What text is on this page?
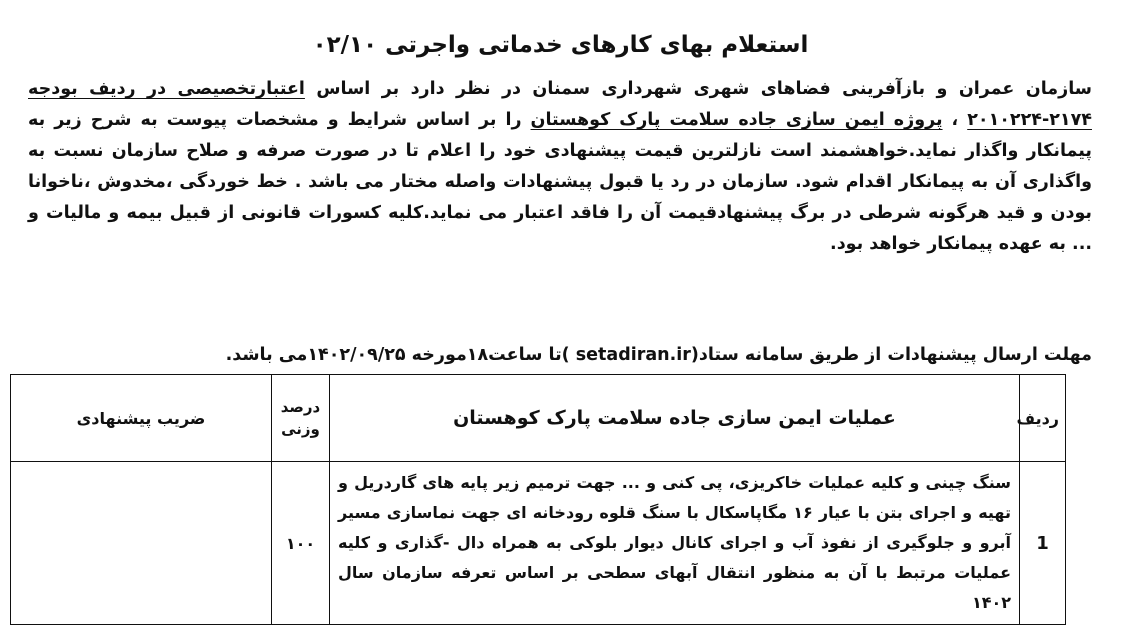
استعلام بهای کارهای خدماتی واجرتی ۰۲/۱۰

سازمان عمران و بازآفرینی فضاهای شهری شهرداری سمنان در نظر دارد بر اساس اعتبارتخصیصی در ردیف بودجه ۲۱۷۴-۲۰۱۰۲۲۴ ، پروژه ایمن سازی جاده سلامت پارک کوهستان را بر اساس شرایط و مشخصات پیوست به شرح زیر به پیمانکار واگذار نماید.خواهشمند است نازلترین قیمت پیشنهادی خود را اعلام تا در صورت صرفه و صلاح سازمان نسبت به واگذاری آن به پیمانکار اقدام شود. سازمان در رد یا قبول پیشنهادات واصله مختار می باشد . خط خوردگی ،مخدوش ،ناخوانا بودن و قید هرگونه شرطی در برگ پیشنهادقیمت آن را فاقد اعتبار می نماید.کلیه کسورات قانونی از قبیل بیمه و مالیات و ... به عهده پیمانکار خواهد بود.

مهلت ارسال پیشنهادات از طریق سامانه ستاد(setadiran.ir )تا ساعت۱۸مورخه ۱۴۰۲/۰۹/۲۵می باشد.
ردیف	عملیات ایمن سازی جاده سلامت پارک کوهستان	درصد وزنی	ضریب پیشنهادی
1	سنگ چینی و کلیه عملیات خاکریزی، پی کنی و ... جهت ترمیم زیر پایه های گاردریل و تهیه و اجرای بتن با عیار ۱۶ مگاپاسکال با سنگ قلوه رودخانه ای جهت نماسازی مسیر آبرو و جلوگیری از نفوذ آب و اجرای کانال دیوار بلوکی به همراه دال -گذاری و کلیه عملیات مرتبط با آن به منظور انتقال آبهای سطحی بر اساس تعرفه سازمان سال ۱۴۰۲	۱۰۰	
